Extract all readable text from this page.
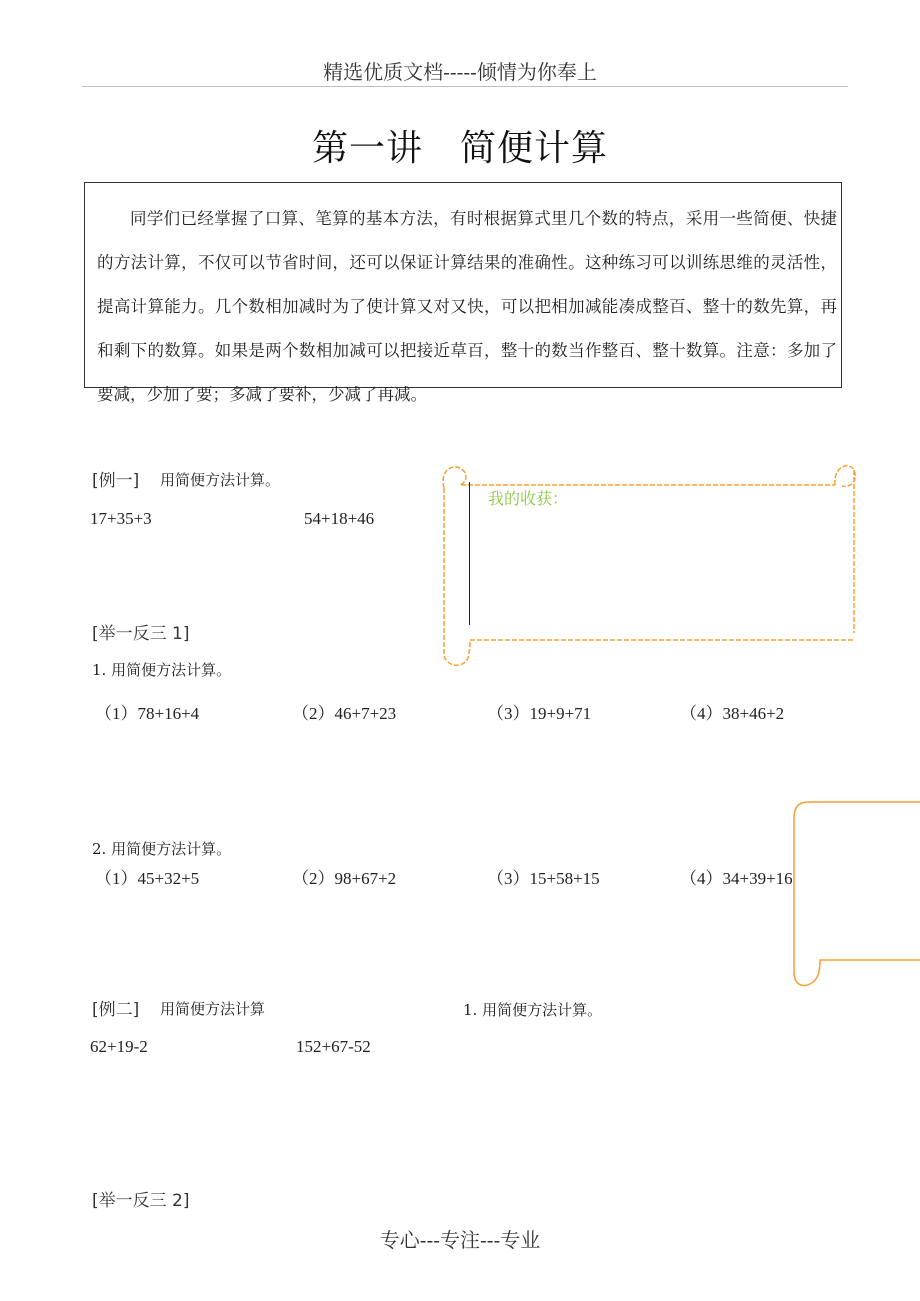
精选优质文档-----倾情为你奉上
第一讲　简便计算
同学们已经掌握了口算、笔算的基本方法，有时根据算式里几个数的特点，采用一些简便、快捷的方法计算，不仅可以节省时间，还可以保证计算结果的准确性。这种练习可以训练思维的灵活性，提高计算能力。几个数相加减时为了使计算又对又快，可以把相加减能凑成整百、整十的数先算，再和剩下的数算。如果是两个数相加减可以把接近草百，整十的数当作整百、整十数算。注意：多加了要减，少加了要；多减了要补，少减了再减。
[例一] 用简便方法计算。
17+35+3	54+18+46
我的收获：
[举一反三 1]
1. 用简便方法计算。
（1）78+16+4	（2）46+7+23	（3）19+9+71	（4）38+46+2
2. 用简便方法计算。
（1）45+32+5	（2）98+67+2	（3）15+58+15	（4）34+39+16
[例二] 用简便方法计算	1. 用简便方法计算。
62+19-2	152+67-52
[举一反三 2]
专心---专注---专业
